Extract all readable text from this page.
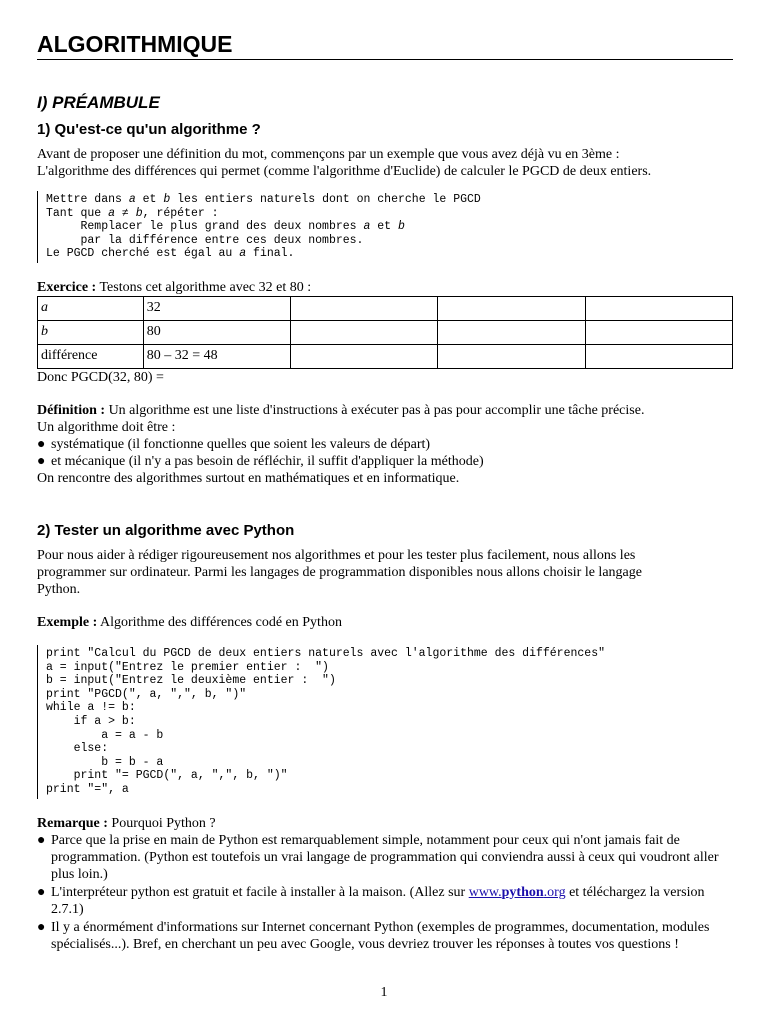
ALGORITHMIQUE
I) PRÉAMBULE
1) Qu'est-ce qu'un algorithme ?

Avant de proposer une définition du mot, commençons par un exemple que vous avez déjà vu en 3ème :

L'algorithme des différences qui permet (comme l'algorithme d'Euclide) de calculer le PGCD de deux entiers.

Mettre dans a et b les entiers naturels dont on cherche le PGCD
Tant que a ≠ b, répéter :
Remplacer le plus grand des deux nombres a et b
par la différence entre ces deux nombres.
Le PGCD cherché est égal au a final.

Exercice : Testons cet algorithme avec 32 et 80 :

a	32			
b	80			
différence	80 – 32 = 48			

Donc PGCD(32, 80) =

Définition : Un algorithme est une liste d'instructions à exécuter pas à pas pour accomplir une tâche précise.

Un algorithme doit être :

● systématique (il fonctionne quelles que soient les valeurs de départ)
● et mécanique (il n'y a pas besoin de réfléchir, il suffit d'appliquer la méthode)

On rencontre des algorithmes surtout en mathématiques et en informatique.

2) Tester un algorithme avec Python

Pour nous aider à rédiger rigoureusement nos algorithmes et pour les tester plus facilement, nous allons les

programmer sur ordinateur. Parmi les langages de programmation disponibles nous allons choisir le langage

Python.

Exemple : Algorithme des différences codé en Python

print "Calcul du PGCD de deux entiers naturels avec l'algorithme des différences"
a = input("Entrez le premier entier :  ")
b = input("Entrez le deuxième entier :  ")
print "PGCD(", a, ",", b, ")"
while a != b:
if a > b:
a = a - b
else:
b = b - a
print "= PGCD(", a, ",", b, ")"
print "=", a

Remarque : Pourquoi Python ?

● Parce que la prise en main de Python est remarquablement simple, notamment pour ceux qui n'ont jamais fait de programmation. (Python est toutefois un vrai langage de programmation qui conviendra aussi à ceux qui voudront aller plus loin.)
● L'interpréteur python est gratuit et facile à installer à la maison. (Allez sur www.python.org et téléchargez la version 2.7.1)
● Il y a énormément d'informations sur Internet concernant Python (exemples de programmes, documentation, modules spécialisés...). Bref, en cherchant un peu avec Google, vous devriez trouver les réponses à toutes vos questions !
1
